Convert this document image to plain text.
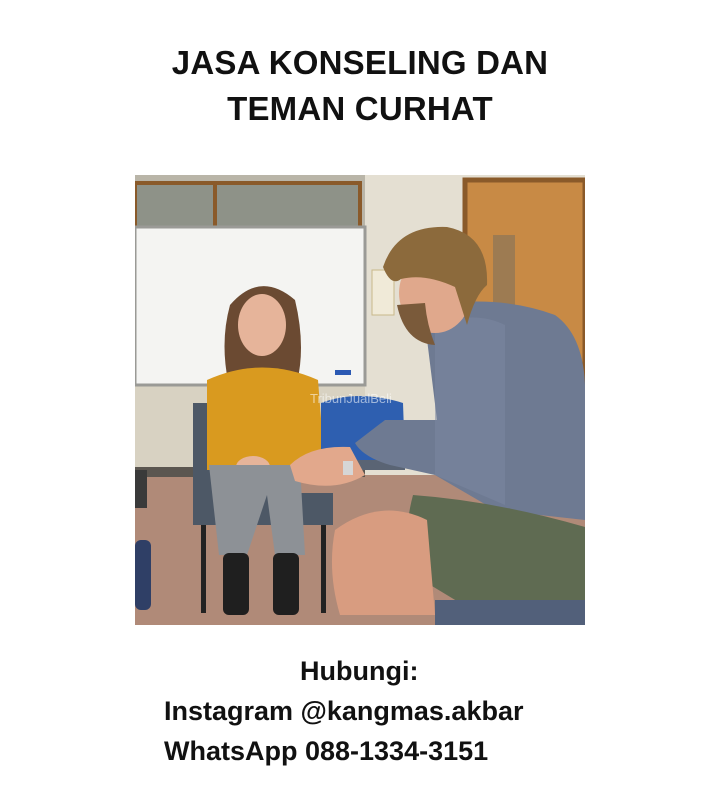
JASA KONSELING DAN
TEMAN CURHAT
TribunJualBeli
Hubungi:
Instagram @kangmas.akbar
WhatsApp 088-1334-3151
